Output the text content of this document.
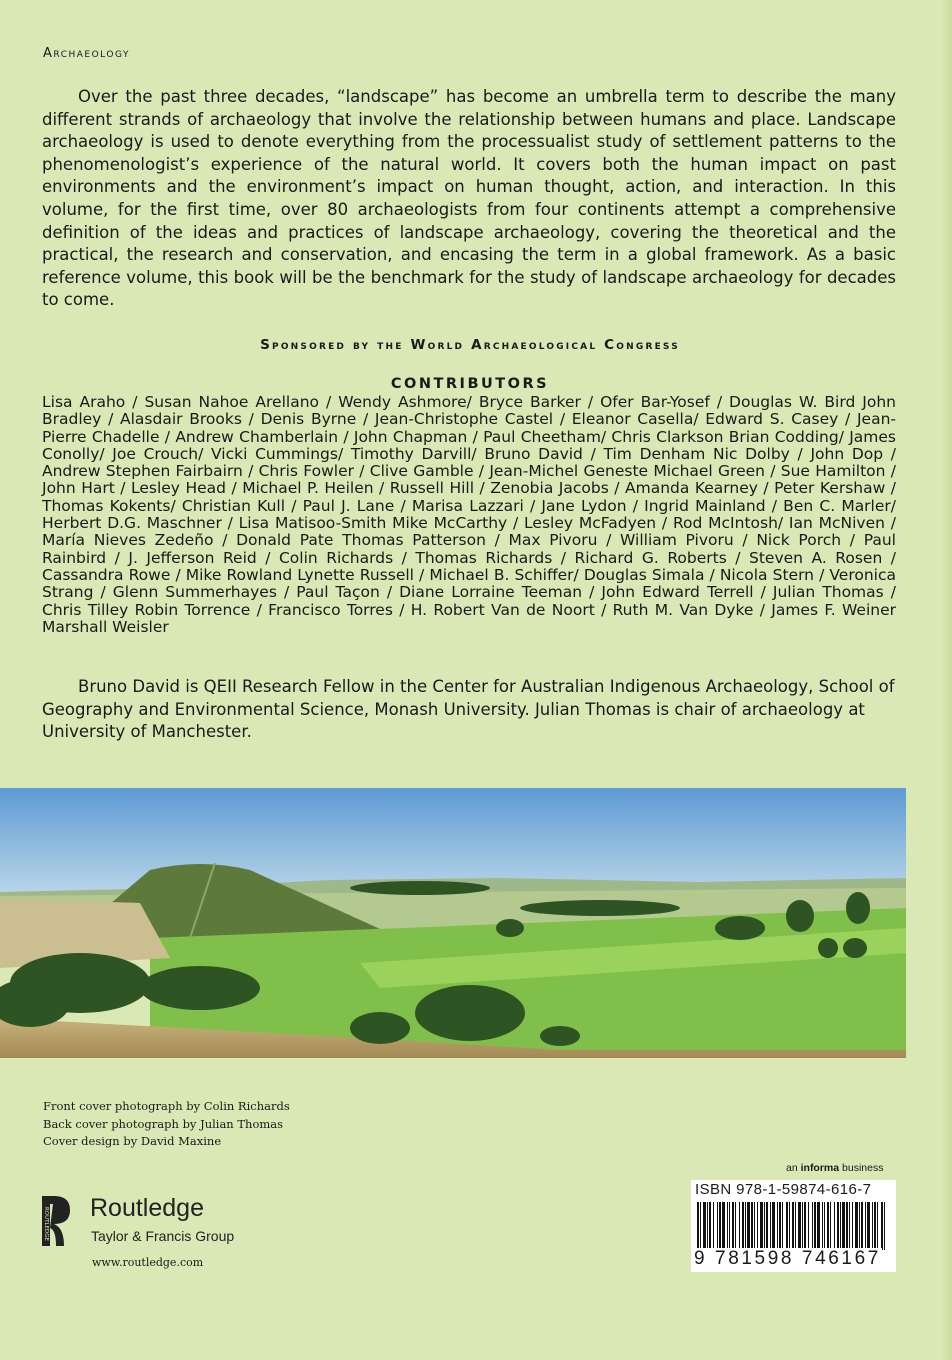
Archaeology

Over the past three decades, “landscape” has become an umbrella term to describe the many different strands of archaeology that involve the relationship between humans and place. Landscape archaeology is used to denote everything from the processualist study of settlement patterns to the phenomenologist’s experience of the natural world. It covers both the human impact on past environments and the environment’s impact on human thought, action, and interaction. In this volume, for the first time, over 80 archaeologists from four continents attempt a comprehensive definition of the ideas and practices of landscape archaeology, covering the theoretical and the practical, the research and conservation, and encasing the term in a global framework. As a basic reference volume, this book will be the benchmark for the study of landscape archaeology for decades to come.

Sponsored by the World Archaeological Congress
CONTRIBUTORS

Lisa Araho / Susan Nahoe Arellano / Wendy Ashmore/ Bryce Barker / Ofer Bar-Yosef / Douglas W. Bird John Bradley / Alasdair Brooks / Denis Byrne / Jean-Christophe Castel / Eleanor Casella/ Edward S. Casey / Jean-Pierre Chadelle / Andrew Chamberlain / John Chapman / Paul Cheetham/ Chris Clarkson Brian Codding/ James Conolly/ Joe Crouch/ Vicki Cummings/ Timothy Darvill/ Bruno David / Tim Denham Nic Dolby / John Dop / Andrew Stephen Fairbairn / Chris Fowler / Clive Gamble / Jean-Michel Geneste Michael Green / Sue Hamilton / John Hart / Lesley Head / Michael P. Heilen / Russell Hill / Zenobia Jacobs / Amanda Kearney / Peter Kershaw / Thomas Kokents/ Christian Kull / Paul J. Lane / Marisa Lazzari / Jane Lydon / Ingrid Mainland / Ben C. Marler/ Herbert D.G. Maschner / Lisa Matisoo-Smith Mike McCarthy / Lesley McFadyen / Rod McIntosh/ Ian McNiven / María Nieves Zedeño / Donald Pate Thomas Patterson / Max Pivoru / William Pivoru / Nick Porch / Paul Rainbird / J. Jefferson Reid / Colin Richards / Thomas Richards / Richard G. Roberts / Steven A. Rosen / Cassandra Rowe / Mike Rowland Lynette Russell / Michael B. Schiffer/ Douglas Simala / Nicola Stern / Veronica Strang / Glenn Summerhayes / Paul Taçon / Diane Lorraine Teeman / John Edward Terrell / Julian Thomas / Chris Tilley Robin Torrence / Francisco Torres / H. Robert Van de Noort / Ruth M. Van Dyke / James F. Weiner Marshall Weisler

Bruno David is QEII Research Fellow in the Center for Australian Indigenous Archaeology, School of Geography and Environmental Science, Monash University. Julian Thomas is chair of archaeology at University of Manchester.

Front cover photograph by Colin Richards
Back cover photograph by Julian Thomas
Cover design by David Maxine
ROUTLEDGE Routledge
Taylor & Francis Group
www.routledge.com
an informa business
ISBN 978-1-59874-616-7
9 781598 746167
